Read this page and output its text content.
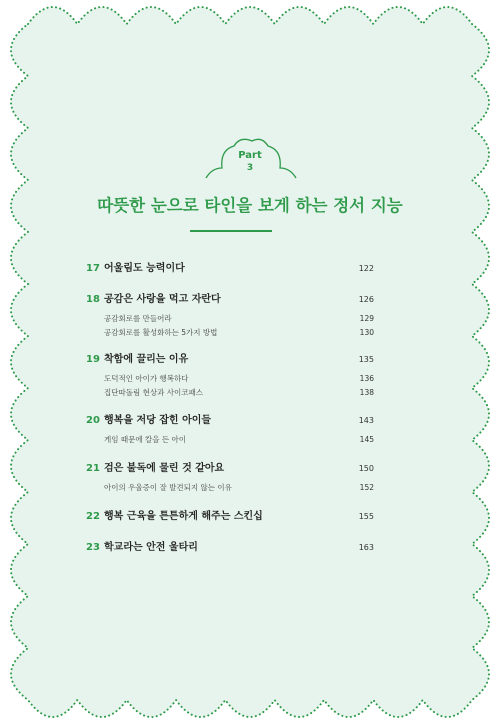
Part
3
따뜻한 눈으로 타인을 보게 하는 정서 지능
17 어울림도 능력이다	122
18 공감은 사랑을 먹고 자란다	126
공감회로를 만들어라	129
공감회로를 활성화하는 5가지 방법	130
19 착함에 끌리는 이유	135
도덕적인 아이가 행복하다	136
집단따돌림 현상과 사이코패스	138
20 행복을 저당 잡힌 아이들	143
게임 때문에 칼을 든 아이	145
21 검은 불독에 물린 것 같아요	150
아이의 우울증이 잘 발견되지 않는 이유	152
22 행복 근육을 튼튼하게 해주는 스킨십	155
23 학교라는 안전 울타리	163
